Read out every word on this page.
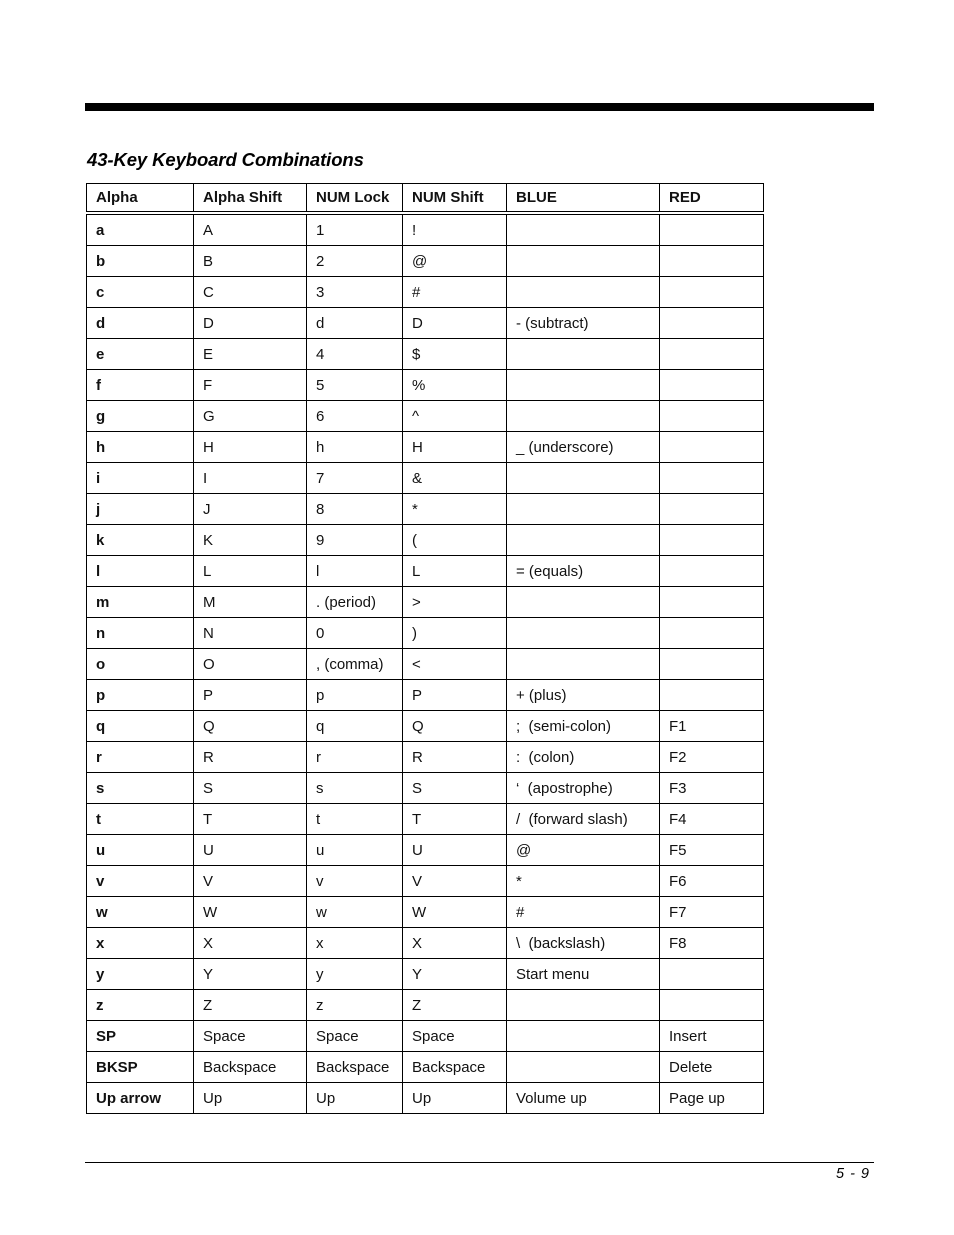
43-Key Keyboard Combinations
Alpha	Alpha Shift	NUM Lock	NUM Shift	BLUE	RED
a	A	1	!		
b	B	2	@		
c	C	3	#		
d	D	d	D	- (subtract)	
e	E	4	$		
f	F	5	%		
g	G	6	^		
h	H	h	H	_ (underscore)	
i	I	7	&		
j	J	8	*		
k	K	9	(		
l	L	l	L	= (equals)	
m	M	. (period)	>		
n	N	0	)		
o	O	, (comma)	<		
p	P	p	P	+ (plus)	
q	Q	q	Q	;  (semi-colon)	F1
r	R	r	R	:  (colon)	F2
s	S	s	S	‘  (apostrophe)	F3
t	T	t	T	/  (forward slash)	F4
u	U	u	U	@	F5
v	V	v	V	*	F6
w	W	w	W	#	F7
x	X	x	X	\  (backslash)	F8
y	Y	y	Y	Start menu	
z	Z	z	Z		
SP	Space	Space	Space		Insert
BKSP	Backspace	Backspace	Backspace		Delete
Up arrow	Up	Up	Up	Volume up	Page up
5 - 9
